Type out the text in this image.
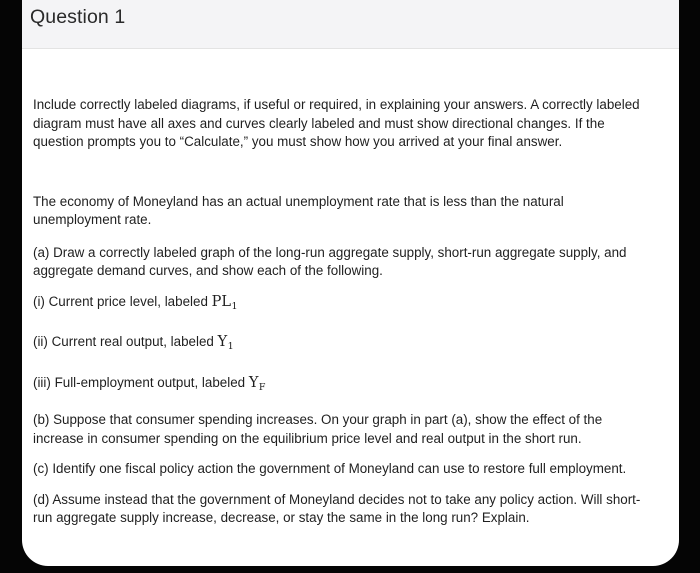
Question 1

Include correctly labeled diagrams, if useful or required, in explaining your answers. A correctly labeled diagram must have all axes and curves clearly labeled and must show directional changes. If the question prompts you to “Calculate,” you must show how you arrived at your final answer.

The economy of Moneyland has an actual unemployment rate that is less than the natural unemployment rate.

(a) Draw a correctly labeled graph of the long-run aggregate supply, short-run aggregate supply, and aggregate demand curves, and show each of the following.

(i) Current price level, labeled $PL_1$

(ii) Current real output, labeled $Y_1$

(iii) Full-employment output, labeled $Y_F$

(b) Suppose that consumer spending increases. On your graph in part (a), show the effect of the increase in consumer spending on the equilibrium price level and real output in the short run.

(c) Identify one fiscal policy action the government of Moneyland can use to restore full employment.

(d) Assume instead that the government of Moneyland decides not to take any policy action. Will short-run aggregate supply increase, decrease, or stay the same in the long run? Explain.
